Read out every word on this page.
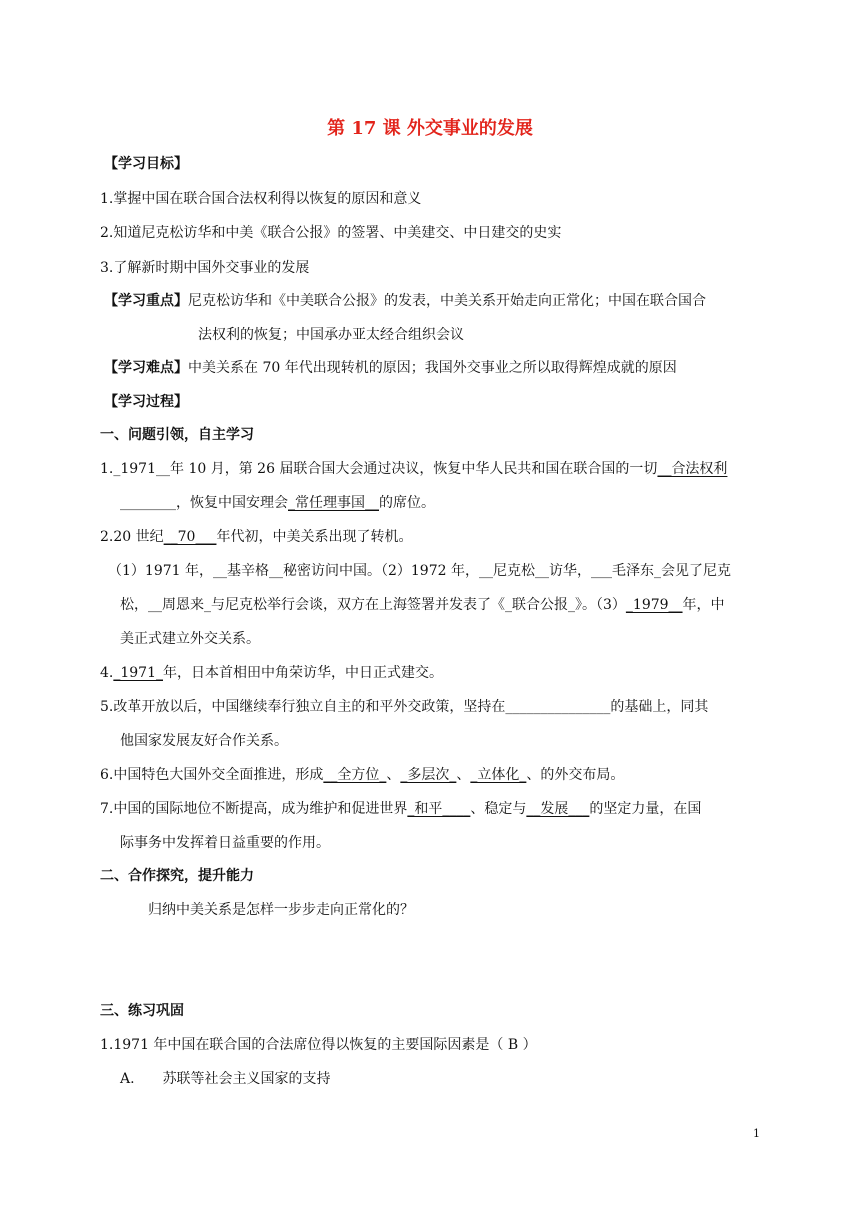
第 17 课 外交事业的发展
【学习目标】
1.掌握中国在联合国合法权利得以恢复的原因和意义
2.知道尼克松访华和中美《联合公报》的签署、中美建交、中日建交的史实
3.了解新时期中国外交事业的发展
【学习重点】尼克松访华和《中美联合公报》的发表，中美关系开始走向正常化；中国在联合国合
法权利的恢复；中国承办亚太经合组织会议
【学习难点】中美关系在 70 年代出现转机的原因；我国外交事业之所以取得辉煌成就的原因
【学习过程】
一、问题引领，自主学习
1._1971__年 10 月，第 26 届联合国大会通过决议，恢复中华人民共和国在联合国的一切__合法权利
________，恢复中国安理会_常任理事国__的席位。
2.20 世纪__70___年代初，中美关系出现了转机。
（1）1971 年，__基辛格__秘密访问中国。（2）1972 年，__尼克松__访华，___毛泽东_会见了尼克
松，__周恩来_与尼克松举行会谈，双方在上海签署并发表了《_联合公报_》。（3）_1979__年，中
美正式建立外交关系。
4._1971_年，日本首相田中角荣访华，中日正式建交。
5.改革开放以后，中国继续奉行独立自主的和平外交政策，坚持在_______________的基础上，同其
他国家发展友好合作关系。
6.中国特色大国外交全面推进，形成__全方位_、_多层次_、_立体化_、的外交布局。
7.中国的国际地位不断提高，成为维护和促进世界_和平____、稳定与__发展___的坚定力量，在国
际事务中发挥着日益重要的作用。
二、合作探究，提升能力
归纳中美关系是怎样一步步走向正常化的？
三、练习巩固
1.1971 年中国在联合国的合法席位得以恢复的主要国际因素是（ B ）
A. 苏联等社会主义国家的支持
1
